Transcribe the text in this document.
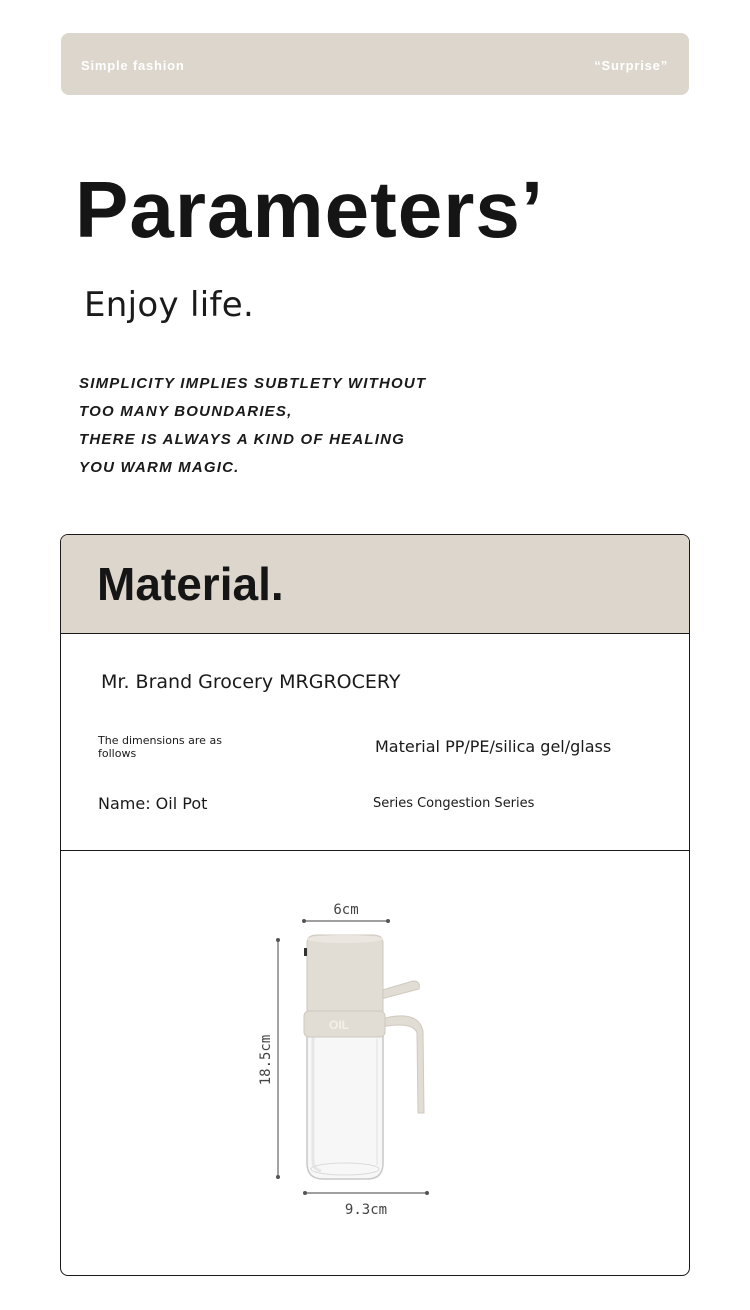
Simple fashion	“Surprise”
Parameters’

Enjoy life.

SIMPLICITY IMPLIES SUBTLETY WITHOUT
TOO MANY BOUNDARIES,
THERE IS ALWAYS A KIND OF HEALING
YOU WARM MAGIC.
Material.
Mr. Brand Grocery MRGROCERY
The dimensions are as follows	Material PP/PE/silica gel/glass
Name: Oil Pot	Series Congestion Series
6cm
18.5cm
9.3cm
OIL
